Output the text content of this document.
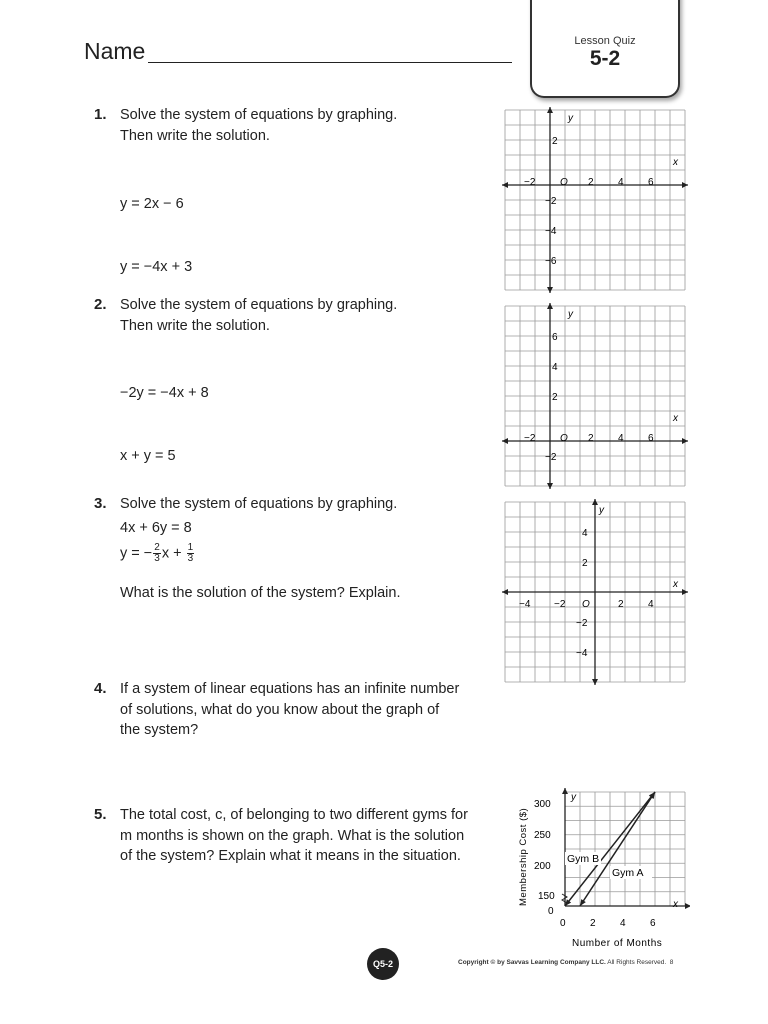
Name	Lesson Quiz
5-2
1. Solve the system of equations by graphing.
Then write the solution.

y = 2x − 6

y = −4x + 3

2. Solve the system of equations by graphing.
Then write the solution.

−2y = −4x + 8

x + y = 5

3. Solve the system of equations by graphing.
4x + 6y = 8
y = − $\frac{2}{3}$ $x + \frac{1}{3}$
What is the solution of the system? Explain.
4. If a system of linear equations has an infinite number
of solutions, what do you know about the graph of
the system?
5. The total cost, c, of belonging to two different gyms for
m months is shown on the graph. What is the solution
of the system? Explain what it means in the situation.
O
x
y
−2	2 4 6
2
−2
−4
−6
O
x
y
−2	2 4 6
6
4
2
−2
O
x
y
−4 −2	2 4
4
2
−2
−4
y
x
300
250
200
150
0
0 2 4 6
Number of Months
Membership Cost ($)	Gym B
Gym A
Q5-2	Copyright © by Savvas Learning Company LLC. All Rights Reserved. 8
